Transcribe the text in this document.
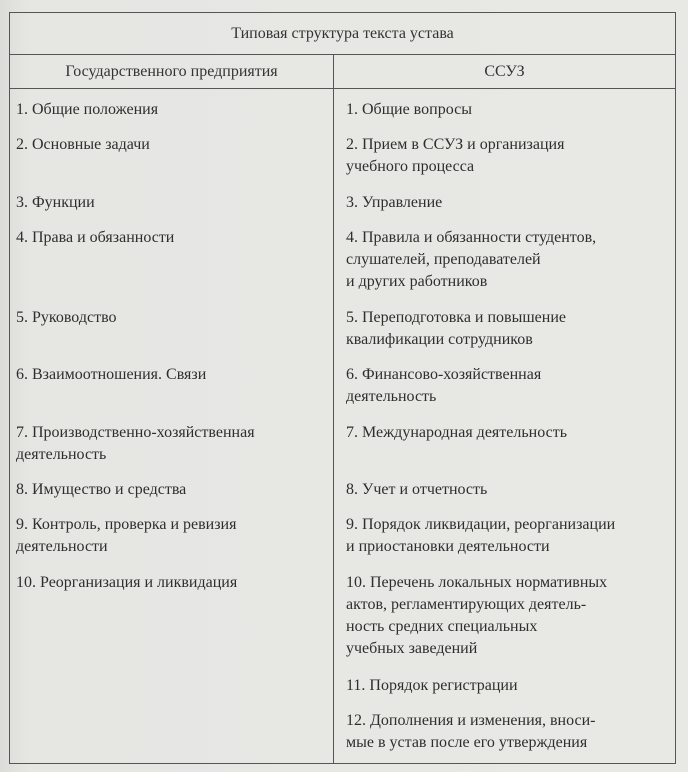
Типовая структура текста устава	
Государственного предприятия	ССУЗ

1. Общие положения	1. Общие вопросы

2. Основные задачи	2. Прием в ССУЗ и организация
учебного процесса

3. Функции	3. Управление

4. Права и обязанности	4. Правила и обязанности студентов,
слушателей, преподавателей
и других работников

5. Руководство	5. Переподготовка и повышение
квалификации сотрудников

6. Взаимоотношения. Связи	6. Финансово-хозяйственная
деятельность

7. Производственно-хозяйственная
деятельность	7. Международная деятельность

8. Имущество и средства	8. Учет и отчетность

9. Контроль, проверка и ревизия
деятельности	9. Порядок ликвидации, реорганизации
и приостановки деятельности

10. Реорганизация и ликвидация	10. Перечень локальных нормативных
актов, регламентирующих деятель-
ность средних специальных
учебных заведений

	11. Порядок регистрации

	12. Дополнения и изменения, вноси-
мые в устав после его утверждения
